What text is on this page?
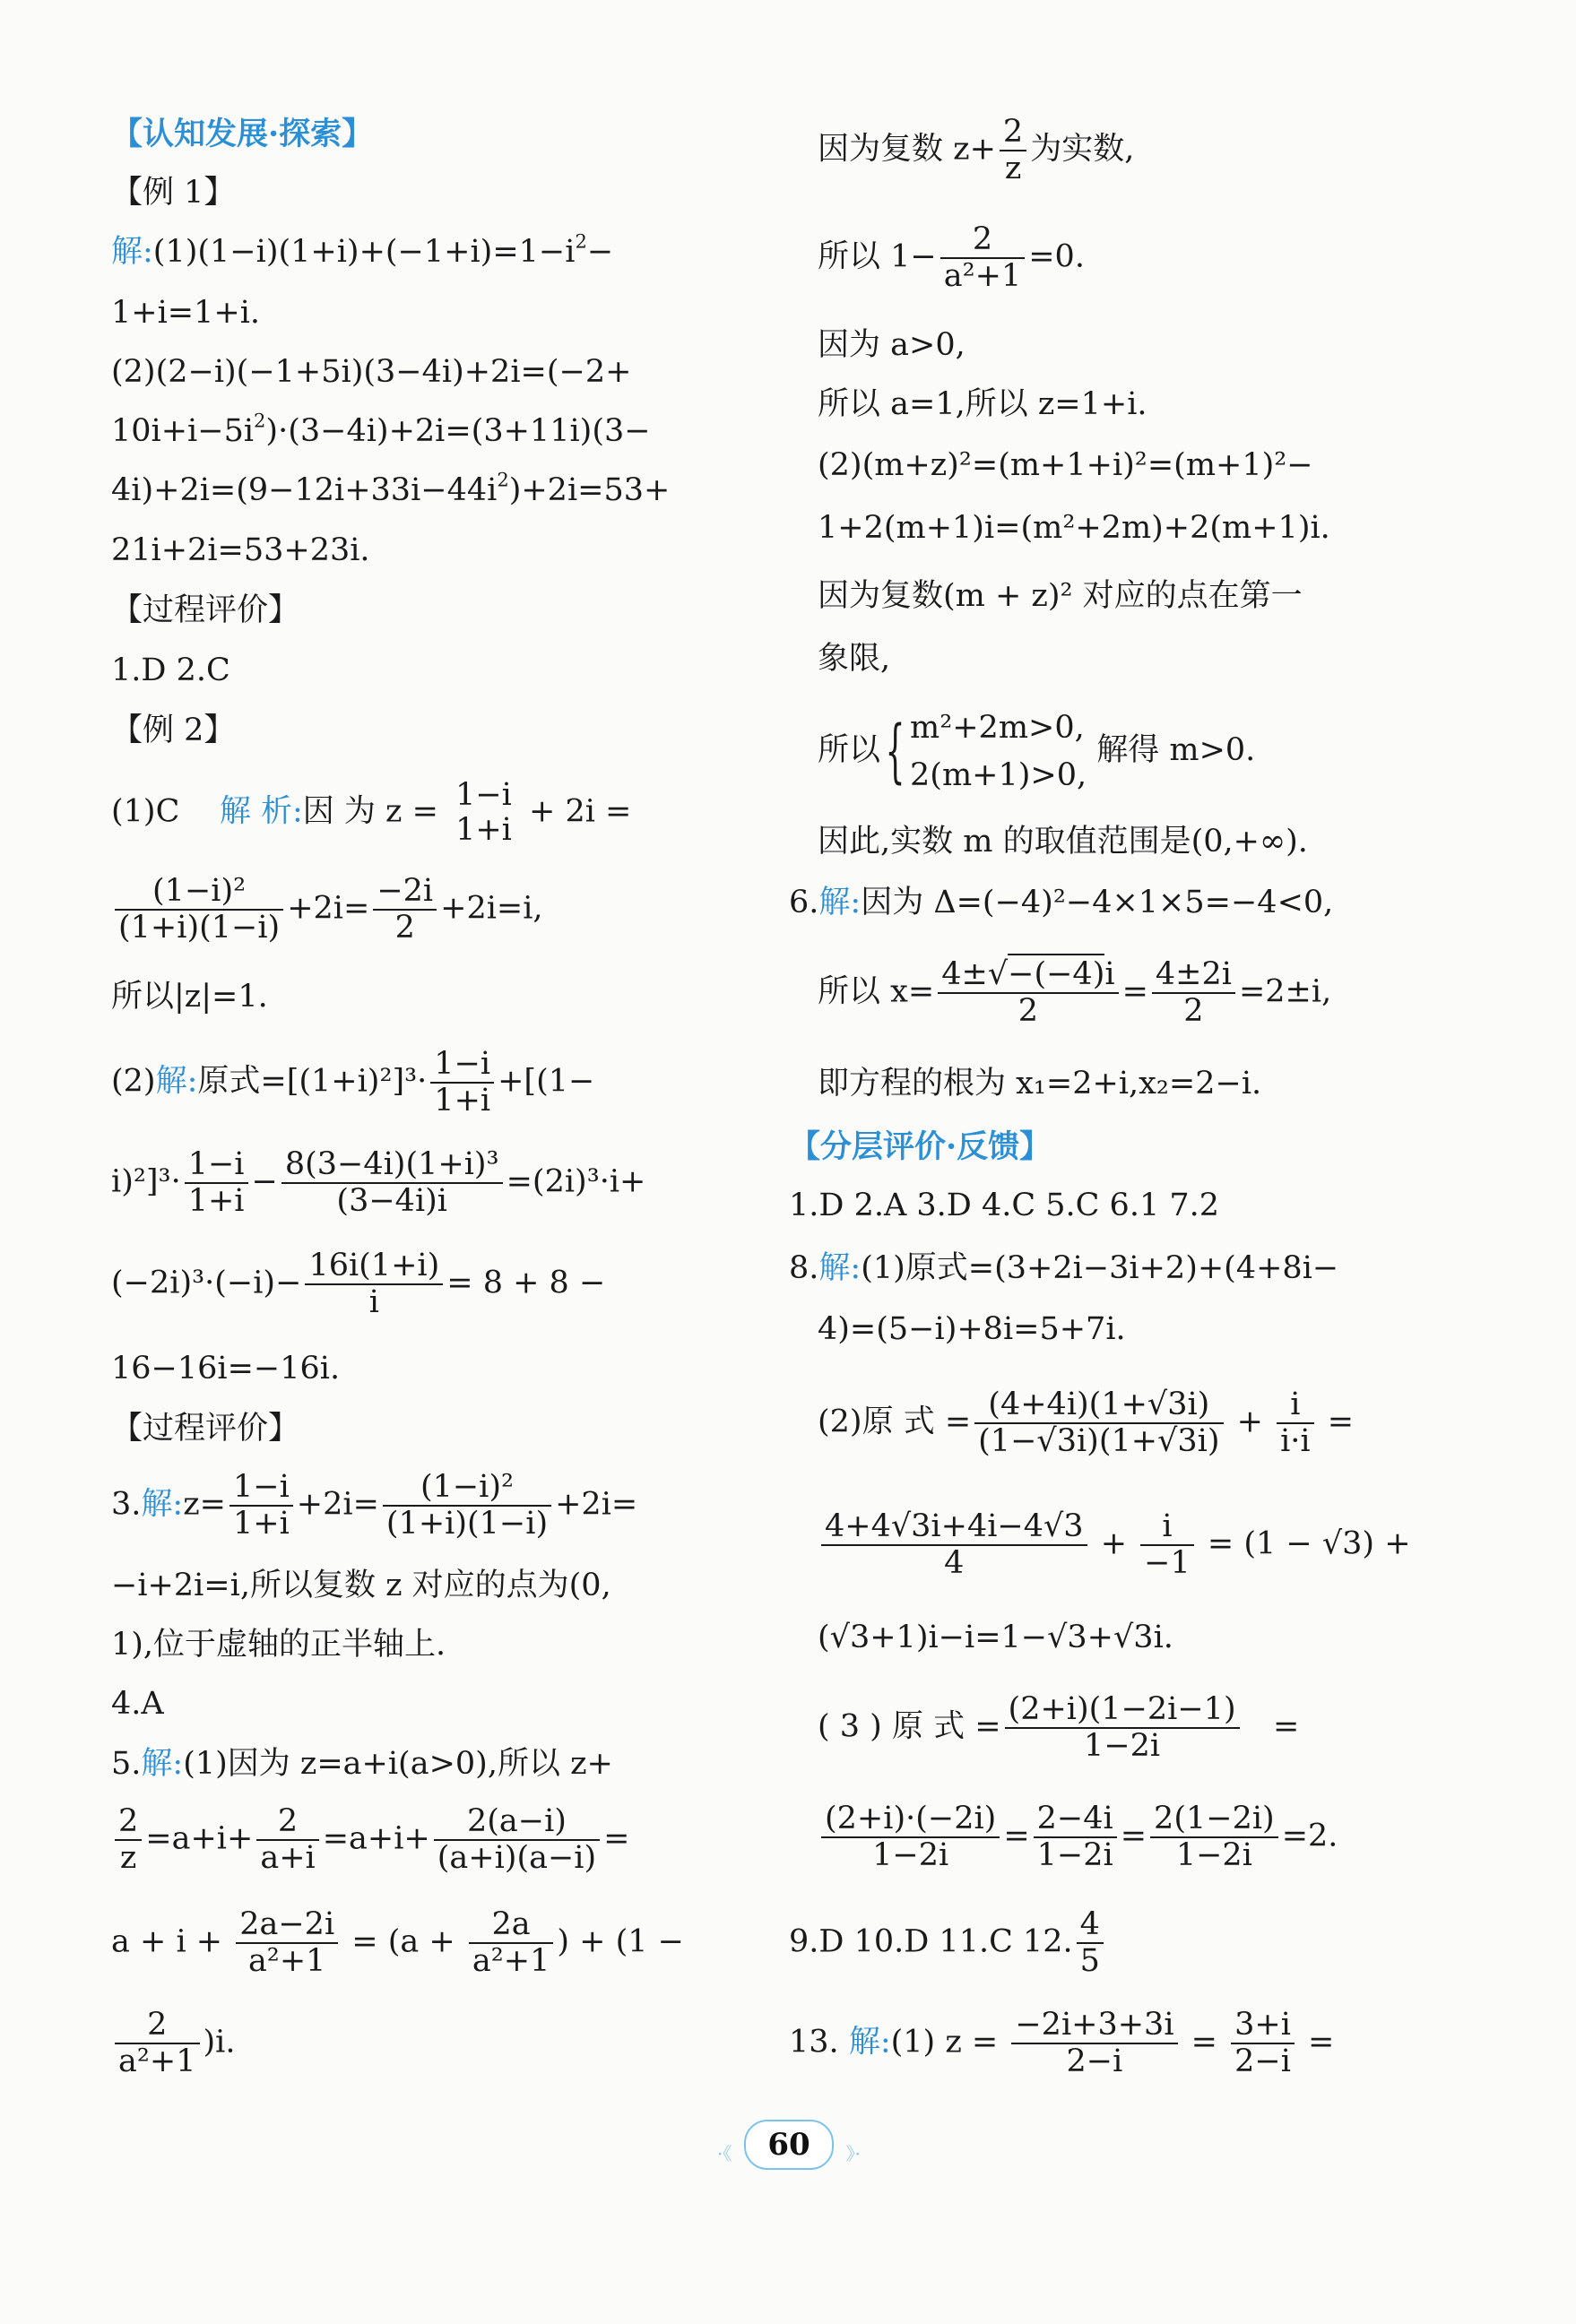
【认知发展·探索】
【例 1】
解$:(1)(1-i)(1+i)+(-1+i)=1-i^2-$
1+i=1+i.
(2)(2−i)(−1+5i)(3−4i)+2i=(−2+
$10i+i-5i^2)\cdot(3-4i)+2i=(3+11i)(3-$
$4i)+2i=(9-12i+33i-44i^2)+2i=53+$
21i+2i=53+23i.
【过程评价】
1.D 2.C
【例 2】
(1)C 解 析:因 为 z = 1−i
1+i
+ 2i =
$\frac{\text{(1−i)²}}{(1+i)(1-i)} +2i= \frac{-2i}{2} +2i=i$,
所以|z|=1.
(2)解:原式$=[(1+i)^2]^3\cdot \frac{1-i}{1+i} +[(1-$
$i)^2]^3\cdot \frac{1-i}{1+i} - \frac{\text{8(3−4i)(1+i)³}}{(3-4i)i} =(2i)^3\cdot i+$
$(-2i)^3\cdot(-i)- \frac{16i(1+i)}{i} = 8 + 8$ −
16−16i=−16i.
【过程评价】
3.解:z= $\frac{1-i}{1+i} +2i= \frac{\text{(1−i)²}}{(1+i)(1-i)} +2i=$
−i+2i=i,所以复数 z 对应的点为(0,
1),位于虚轴的正半轴上.
4.A
5.解:(1)因为 z=a+i(a>0),所以 z+
$\frac{2}{z} =a+i+ \frac{2}{a+i} =a+i+ \frac{2(a-i)}{(a+i)(a-i)}$ =
$a + i + \frac{2a-2i}{\text{a²+1}} = (a + \frac{2a}{\text{a²+1}}$ ) + (1 −
$\frac{2}{\text{a²+1}} )i$.
因为复数 $z+ \frac{2}{z}$ 为实数,
所以 $1- \frac{2}{\text{a²+1}} =0$.
因为 a>0,
所以 a=1,所以 z=1+i.
(2)(m+z)²=(m+1+i)²=(m+1)²−
1+2(m+1)i=(m²+2m)+2(m+1)i.
因为复数(m + z)² 对应的点在第一
象限,
所以{ m²+2m>0,
2(m+1)>0,
解得 m>0.
因此,实数 m 的取值范围是(0,+∞).
6.解:因为 Δ=(−4)²−4×1×5=−4<0,
所以 $x= \frac{4\pm√-(-4)i}{2} = \frac{4\pm 2i}{2} =2\pm i$,
即方程的根为 x₁=2+i,x₂=2−i.
【分层评价·反馈】
1.D 2.A 3.D 4.C 5.C 6.1 7.2
8.解:(1)原式=(3+2i−3i+2)+(4+8i−
4)=(5−i)+8i=5+7i.
(2)原 式 = $\frac{(4+4i)(1+√3i)}{(1-√3i)(1+√3i)} + \frac{i}{i\cdot i}$ =
$\frac{4+4√3i+4i-4√3}{4} + \frac{i}{-1} = (1 - √3)$ +
(√3+1)i−i=1−√3+√3i.
( 3 ) 原 式 = $\frac{(2+i)(1-2i-1)}{1-2i}$ =
$\frac{(2+i)\cdot(-2i)}{1-2i} = \frac{2-4i}{1-2i} = \frac{2(1-2i)}{1-2i} =2$.
9.D 10.D 11.C 12. $\frac{4}{5}$
13. 解:(1) $z = \frac{-2i+3+3i}{2-i} = \frac{3+i}{2-i}$ =
·《 60 》·
